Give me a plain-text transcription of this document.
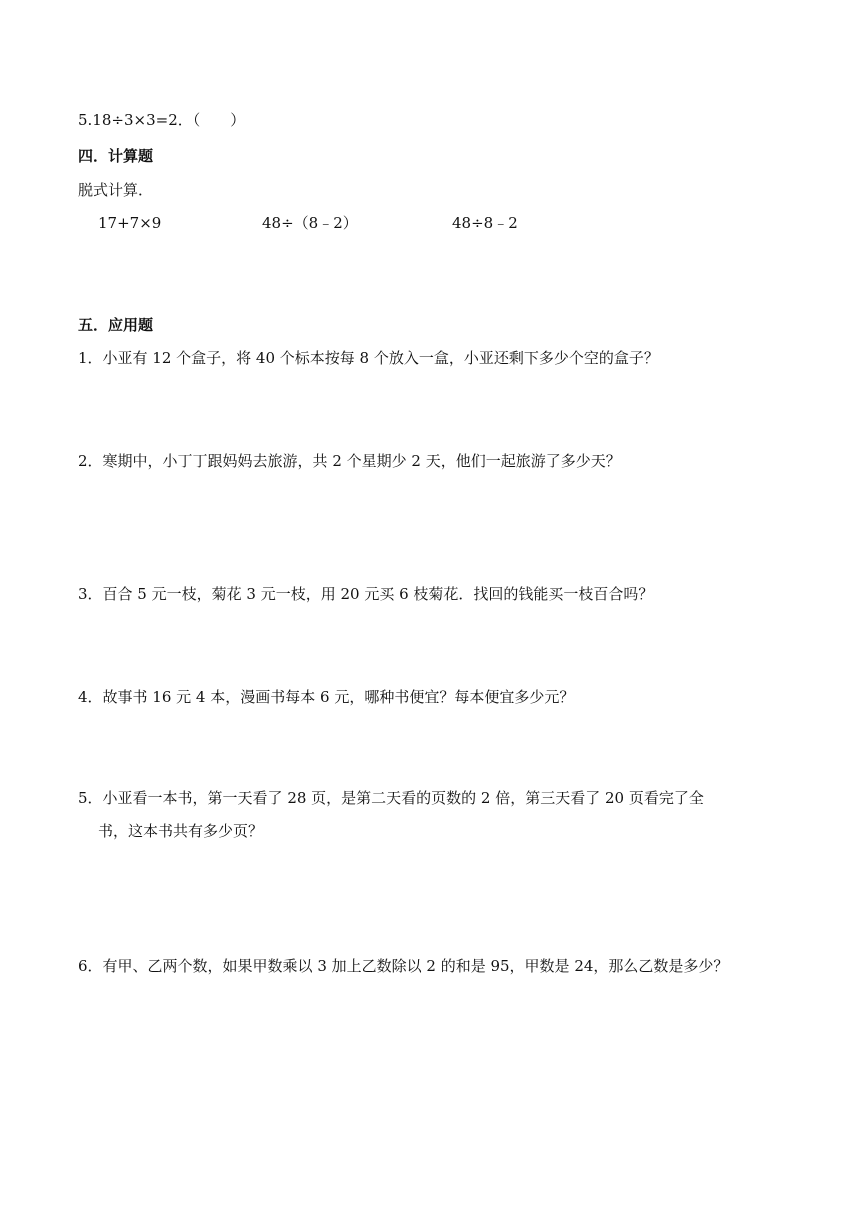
5.18÷3×3=2．（　　）
四．计算题
脱式计算．
17+7×9	48÷（8﹣2）	48÷8﹣2
五．应用题
1．小亚有 12 个盒子，将 40 个标本按每 8 个放入一盒，小亚还剩下多少个空的盒子？
2．寒期中，小丁丁跟妈妈去旅游，共 2 个星期少 2 天，他们一起旅游了多少天？
3．百合 5 元一枝，菊花 3 元一枝，用 20 元买 6 枝菊花．找回的钱能买一枝百合吗？
4．故事书 16 元 4 本，漫画书每本 6 元，哪种书便宜？每本便宜多少元？
5．小亚看一本书，第一天看了 28 页，是第二天看的页数的 2 倍，第三天看了 20 页看完了全
书，这本书共有多少页？
6．有甲、乙两个数，如果甲数乘以 3 加上乙数除以 2 的和是 95，甲数是 24，那么乙数是多少？
